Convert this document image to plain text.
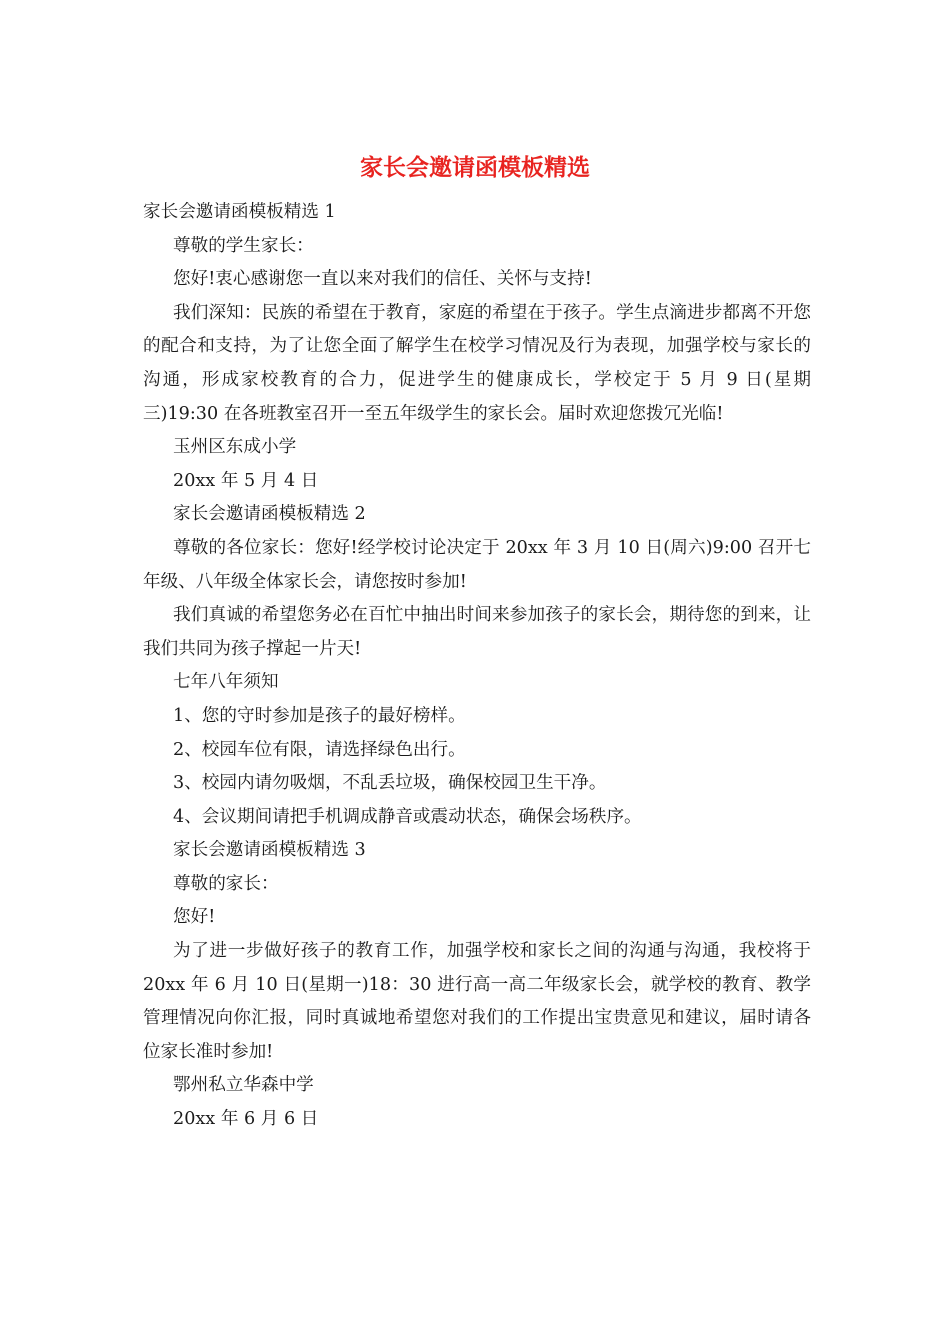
家长会邀请函模板精选

家长会邀请函模板精选 1

尊敬的学生家长：

您好!衷心感谢您一直以来对我们的信任、关怀与支持!

我们深知：民族的希望在于教育，家庭的希望在于孩子。学生点滴进步都离不开您的配合和支持，为了让您全面了解学生在校学习情况及行为表现，加强学校与家长的沟通，形成家校教育的合力，促进学生的健康成长，学校定于 5 月 9 日(星期三)19:30 在各班教室召开一至五年级学生的家长会。届时欢迎您拨冗光临!

玉州区东成小学

20xx 年 5 月 4 日

家长会邀请函模板精选 2

尊敬的各位家长：您好!经学校讨论决定于 20xx 年 3 月 10 日(周六)9:00 召开七年级、八年级全体家长会，请您按时参加!

我们真诚的希望您务必在百忙中抽出时间来参加孩子的家长会，期待您的到来，让我们共同为孩子撑起一片天!

七年八年须知

1、您的守时参加是孩子的最好榜样。

2、校园车位有限，请选择绿色出行。

3、校园内请勿吸烟，不乱丢垃圾，确保校园卫生干净。

4、会议期间请把手机调成静音或震动状态，确保会场秩序。

家长会邀请函模板精选 3

尊敬的家长：

您好!

为了进一步做好孩子的教育工作，加强学校和家长之间的沟通与沟通，我校将于 20xx 年 6 月 10 日(星期一)18：30 进行高一高二年级家长会，就学校的教育、教学管理情况向你汇报，同时真诚地希望您对我们的工作提出宝贵意见和建议，届时请各位家长准时参加!

鄂州私立华森中学

20xx 年 6 月 6 日
